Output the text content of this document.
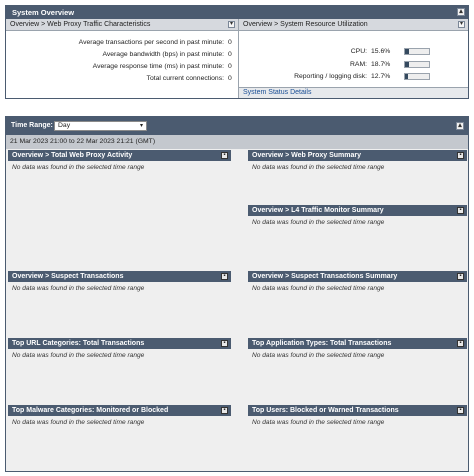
System Overview	▴
Overview > Web Proxy Traffic Characteristics	▾
Average transactions per second in past minute: 0
Average bandwidth (bps) in past minute: 0
Average response time (ms) in past minute: 0
Total current connections: 0
Overview > System Resource Utilization	▾
CPU: 15.6%
RAM: 18.7%
Reporting / logging disk: 12.7%
System Status Details
Time Range: Day	▾	▴
21 Mar 2023 21:00 to 22 Mar 2023 21:21 (GMT)
Overview > Total Web Proxy Activity	▪
No data was found in the selected time range
Overview > Suspect Transactions	▪
No data was found in the selected time range
Top URL Categories: Total Transactions	▪
No data was found in the selected time range
Top Malware Categories: Monitored or Blocked	▪
No data was found in the selected time range
Overview > Web Proxy Summary	▪
No data was found in the selected time range
Overview > L4 Traffic Monitor Summary	▪
No data was found in the selected time range
Overview > Suspect Transactions Summary	▪
No data was found in the selected time range
Top Application Types: Total Transactions	▪
No data was found in the selected time range
Top Users: Blocked or Warned Transactions	▪
No data was found in the selected time range
